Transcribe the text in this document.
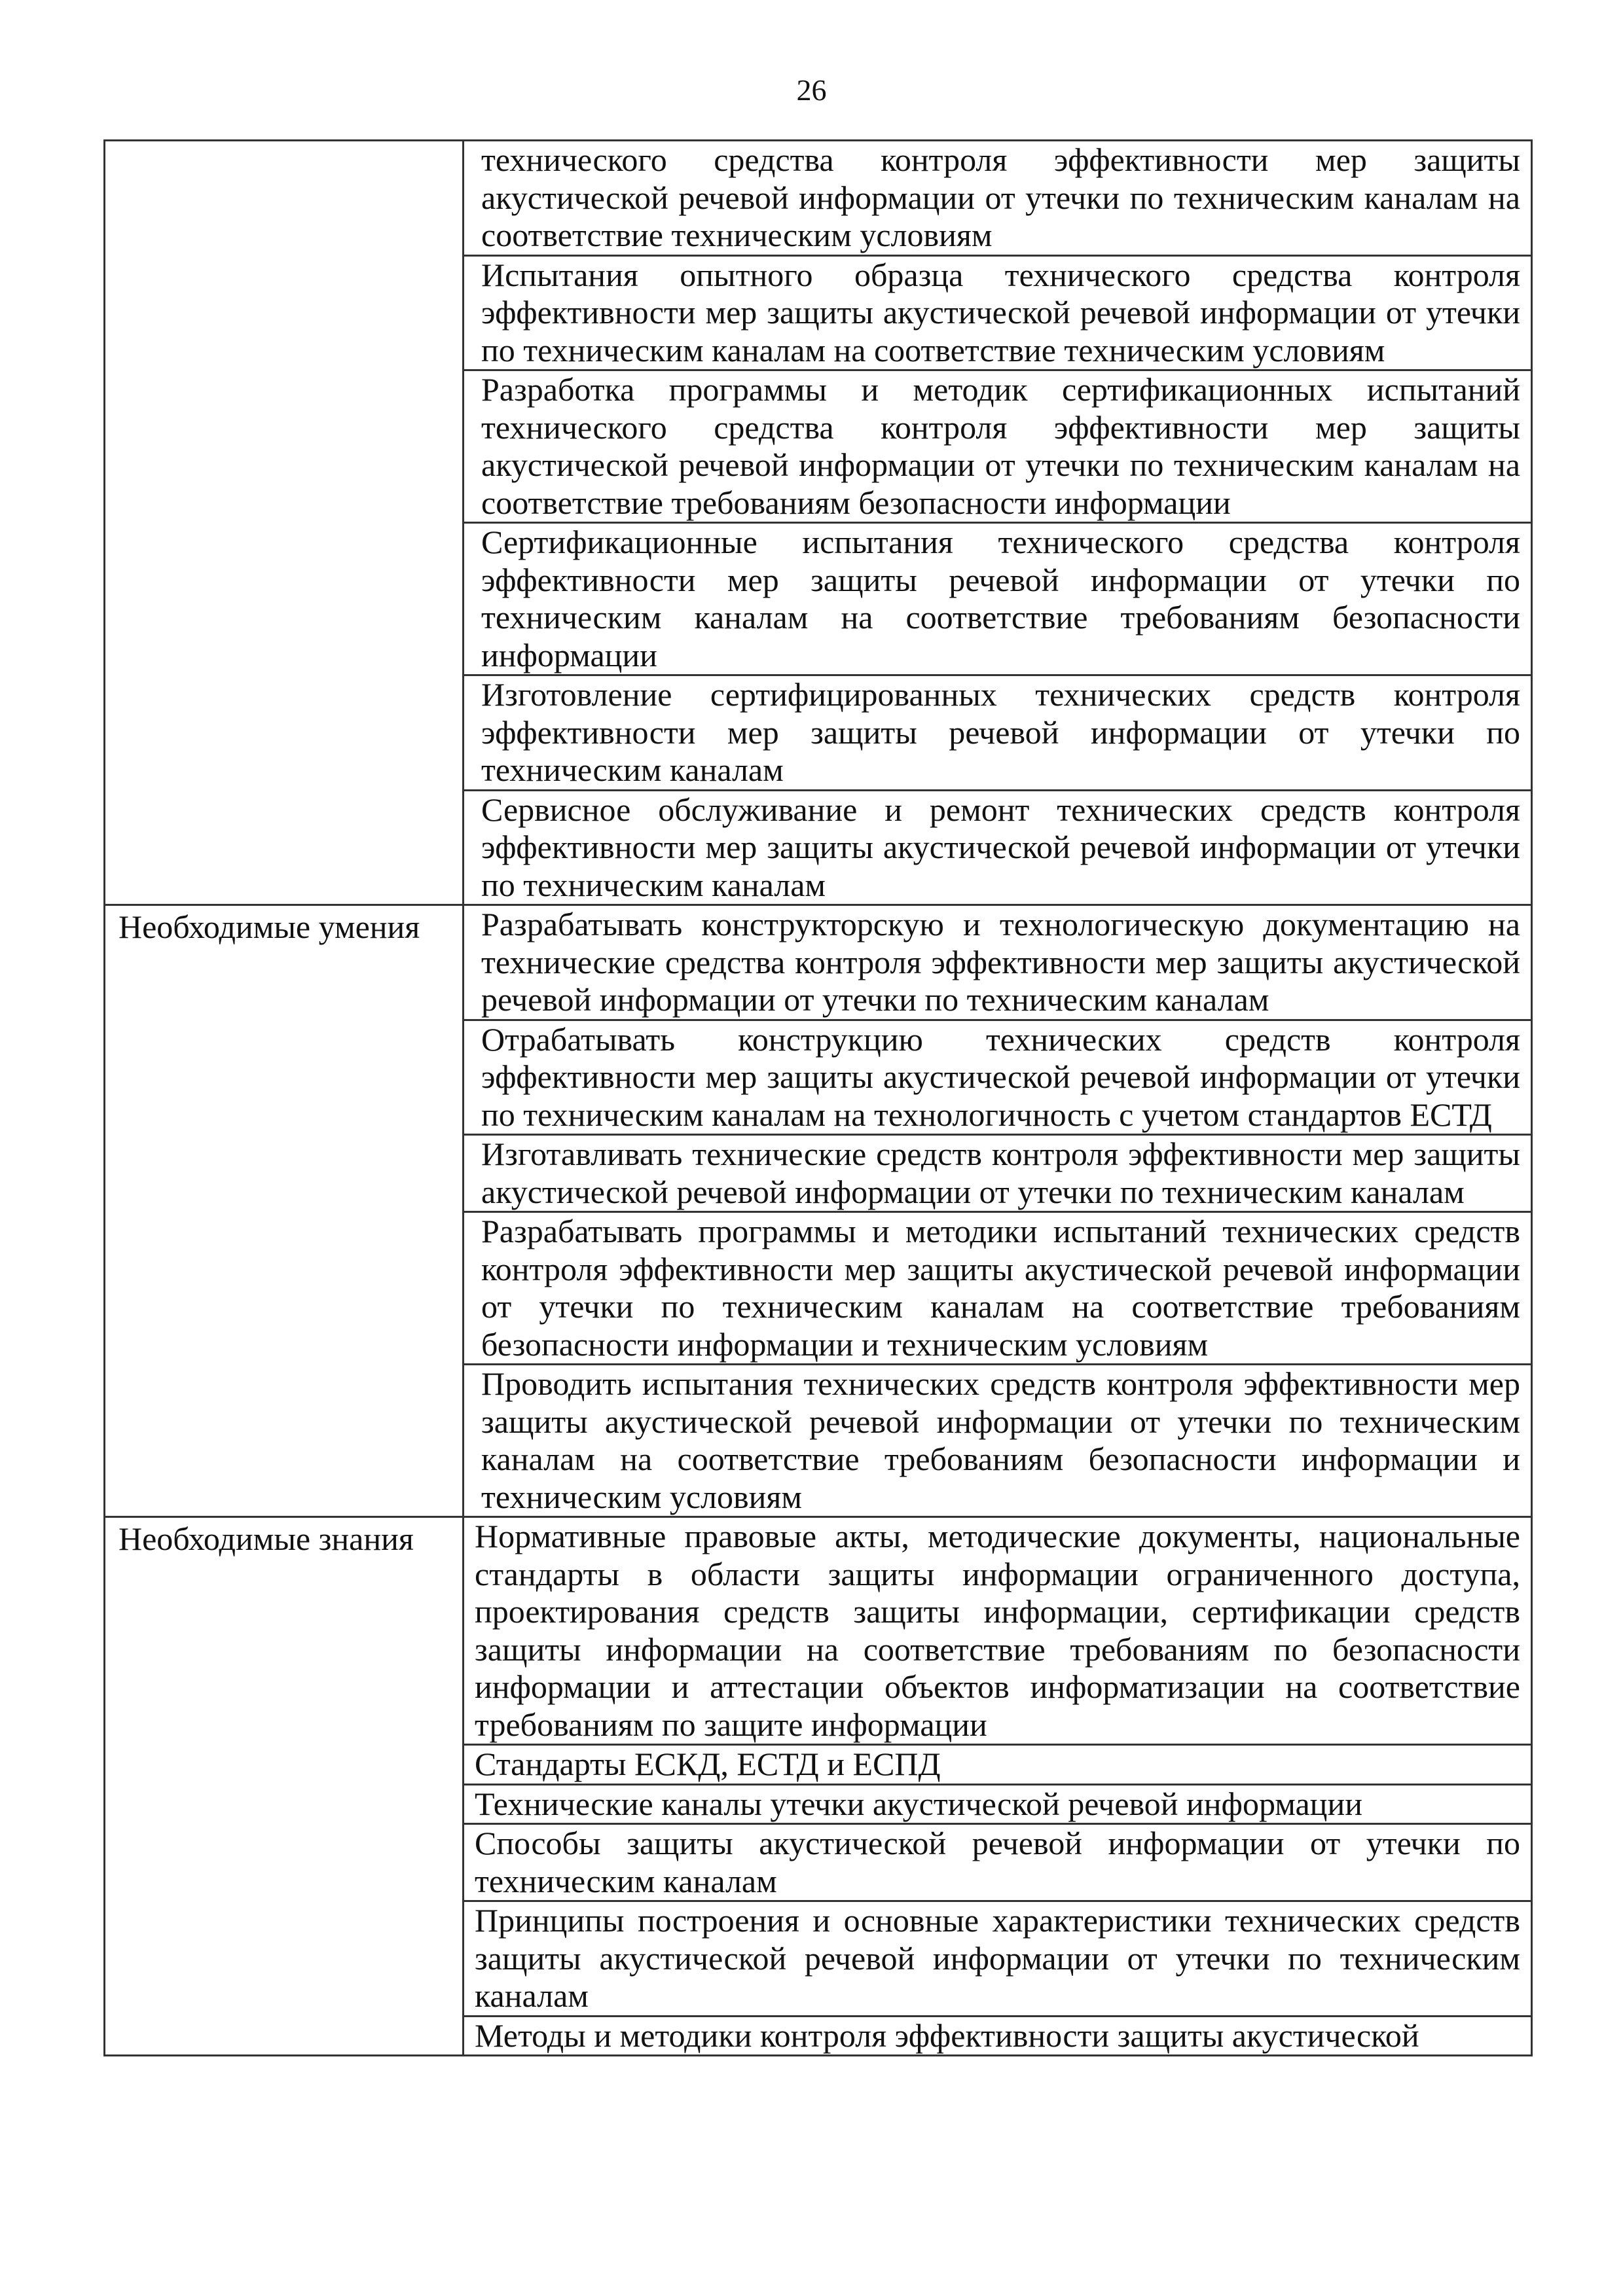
26
	технического средства контроля эффективности мер защиты акустической речевой информации от утечки по техническим каналам на соответствие техническим условиям
	Испытания опытного образца технического средства контроля эффективности мер защиты акустической речевой информации от утечки по техническим каналам на соответствие техническим условиям
	Разработка программы и методик сертификационных испытаний технического средства контроля эффективности мер защиты акустической речевой информации от утечки по техническим каналам на соответствие требованиям безопасности информации
	Сертификационные испытания технического средства контроля эффективности мер защиты речевой информации от утечки по техническим каналам на соответствие требованиям безопасности информации
	Изготовление сертифицированных технических средств контроля эффективности мер защиты речевой информации от утечки по техническим каналам
	Сервисное обслуживание и ремонт технических средств контроля эффективности мер защиты акустической речевой информации от утечки по техническим каналам
Необходимые умения	Разрабатывать конструкторскую и технологическую документацию на технические средства контроля эффективности мер защиты акустической речевой информации от утечки по техническим каналам
	Отрабатывать конструкцию технических средств контроля эффективности мер защиты акустической речевой информации от утечки по техническим каналам на технологичность с учетом стандартов ЕСТД
	Изготавливать технические средств контроля эффективности мер защиты акустической речевой информации от утечки по техническим каналам
	Разрабатывать программы и методики испытаний технических средств контроля эффективности мер защиты акустической речевой информации от утечки по техническим каналам на соответствие требованиям безопасности информации и техническим условиям
	Проводить испытания технических средств контроля эффективности мер защиты акустической речевой информации от утечки по техническим каналам на соответствие требованиям безопасности информации и техническим условиям
Необходимые знания	Нормативные правовые акты, методические документы, национальные стандарты в области защиты информации ограниченного доступа, проектирования средств защиты информации, сертификации средств защиты информации на соответствие требованиям по безопасности информации и аттестации объектов информатизации на соответствие требованиям по защите информации
	Стандарты ЕСКД, ЕСТД и ЕСПД
	Технические каналы утечки акустической речевой информации
	Способы защиты акустической речевой информации от утечки по техническим каналам
	Принципы построения и основные характеристики технических средств защиты акустической речевой информации от утечки по техническим каналам
	Методы и методики контроля эффективности защиты акустической
